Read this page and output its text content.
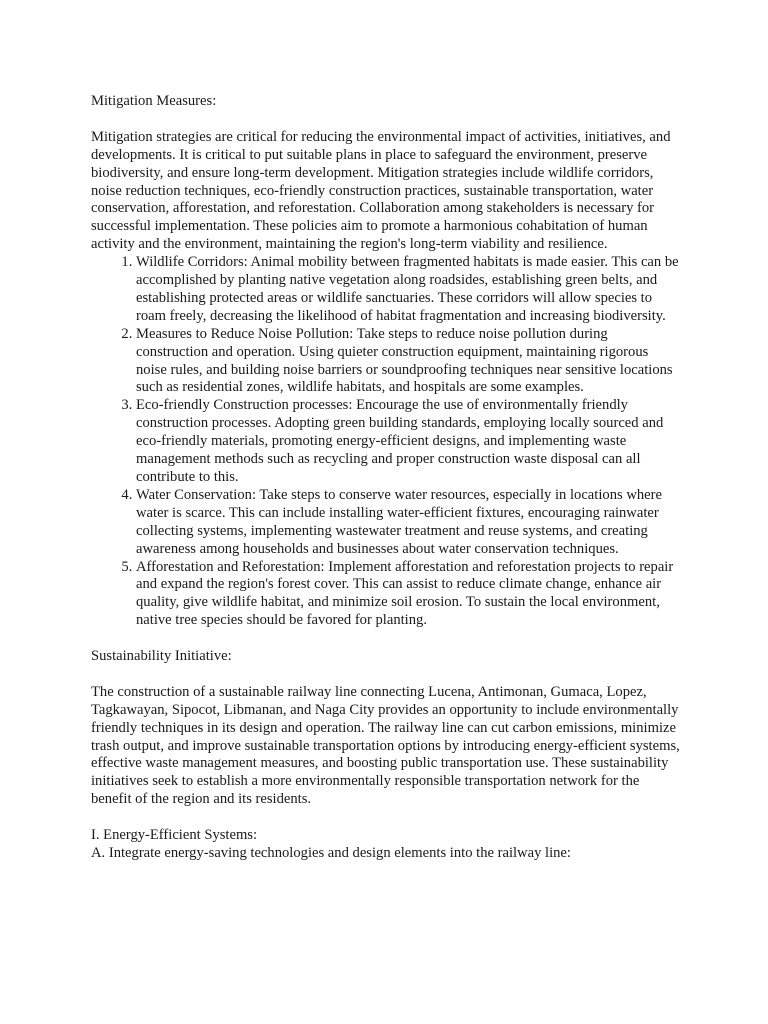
Mitigation Measures:

Mitigation strategies are critical for reducing the environmental impact of activities, initiatives, and developments. It is critical to put suitable plans in place to safeguard the environment, preserve biodiversity, and ensure long-term development. Mitigation strategies include wildlife corridors, noise reduction techniques, eco-friendly construction practices, sustainable transportation, water conservation, afforestation, and reforestation. Collaboration among stakeholders is necessary for successful implementation. These policies aim to promote a harmonious cohabitation of human activity and the environment, maintaining the region's long-term viability and resilience.

1. Wildlife Corridors: Animal mobility between fragmented habitats is made easier. This can be accomplished by planting native vegetation along roadsides, establishing green belts, and establishing protected areas or wildlife sanctuaries. These corridors will allow species to roam freely, decreasing the likelihood of habitat fragmentation and increasing biodiversity.
2. Measures to Reduce Noise Pollution: Take steps to reduce noise pollution during construction and operation. Using quieter construction equipment, maintaining rigorous noise rules, and building noise barriers or soundproofing techniques near sensitive locations such as residential zones, wildlife habitats, and hospitals are some examples.
3. Eco-friendly Construction processes: Encourage the use of environmentally friendly construction processes. Adopting green building standards, employing locally sourced and eco-friendly materials, promoting energy-efficient designs, and implementing waste management methods such as recycling and proper construction waste disposal can all contribute to this.
4. Water Conservation: Take steps to conserve water resources, especially in locations where water is scarce. This can include installing water-efficient fixtures, encouraging rainwater collecting systems, implementing wastewater treatment and reuse systems, and creating awareness among households and businesses about water conservation techniques.
5. Afforestation and Reforestation: Implement afforestation and reforestation projects to repair and expand the region's forest cover. This can assist to reduce climate change, enhance air quality, give wildlife habitat, and minimize soil erosion. To sustain the local environment, native tree species should be favored for planting.

Sustainability Initiative:

The construction of a sustainable railway line connecting Lucena, Antimonan, Gumaca, Lopez, Tagkawayan, Sipocot, Libmanan, and Naga City provides an opportunity to include environmentally friendly techniques in its design and operation. The railway line can cut carbon emissions, minimize trash output, and improve sustainable transportation options by introducing energy-efficient systems, effective waste management measures, and boosting public transportation use. These sustainability initiatives seek to establish a more environmentally responsible transportation network for the benefit of the region and its residents.

I. Energy-Efficient Systems:

A. Integrate energy-saving technologies and design elements into the railway line:
